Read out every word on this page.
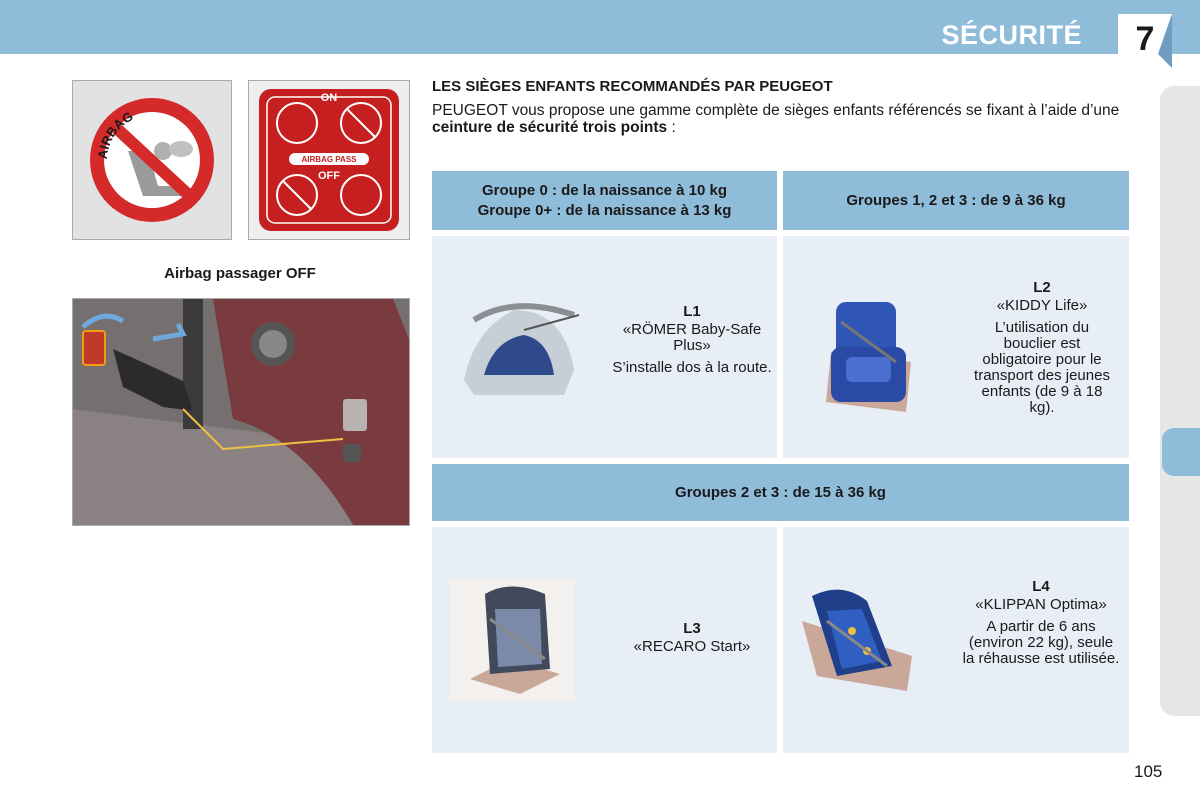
SÉCURITÉ	7
AIRBAG
AIRBAG PASS
ON
OFF
Airbag passager OFF
LES SIÈGES ENFANTS RECOMMANDÉS PAR PEUGEOT
PEUGEOT vous propose une gamme complète de sièges enfants référencés se fixant à l’aide d’une ceinture de sécurité trois points :
Groupe 0 : de la naissance à 10 kg
Groupe 0+ : de la naissance à 13 kg
Groupes 1, 2 et 3 : de 9 à 36 kg
L1
«RÖMER Baby-Safe Plus»
S’installe dos à la route.
L2
«KIDDY Life»
L’utilisation du bouclier est obligatoire pour le transport des jeunes enfants (de 9 à 18 kg).
Groupes 2 et 3 : de 15 à 36 kg
L3
«RECARO Start»
L4
«KLIPPAN Optima»
A partir de 6 ans (environ 22 kg), seule la réhausse est utilisée.
105
